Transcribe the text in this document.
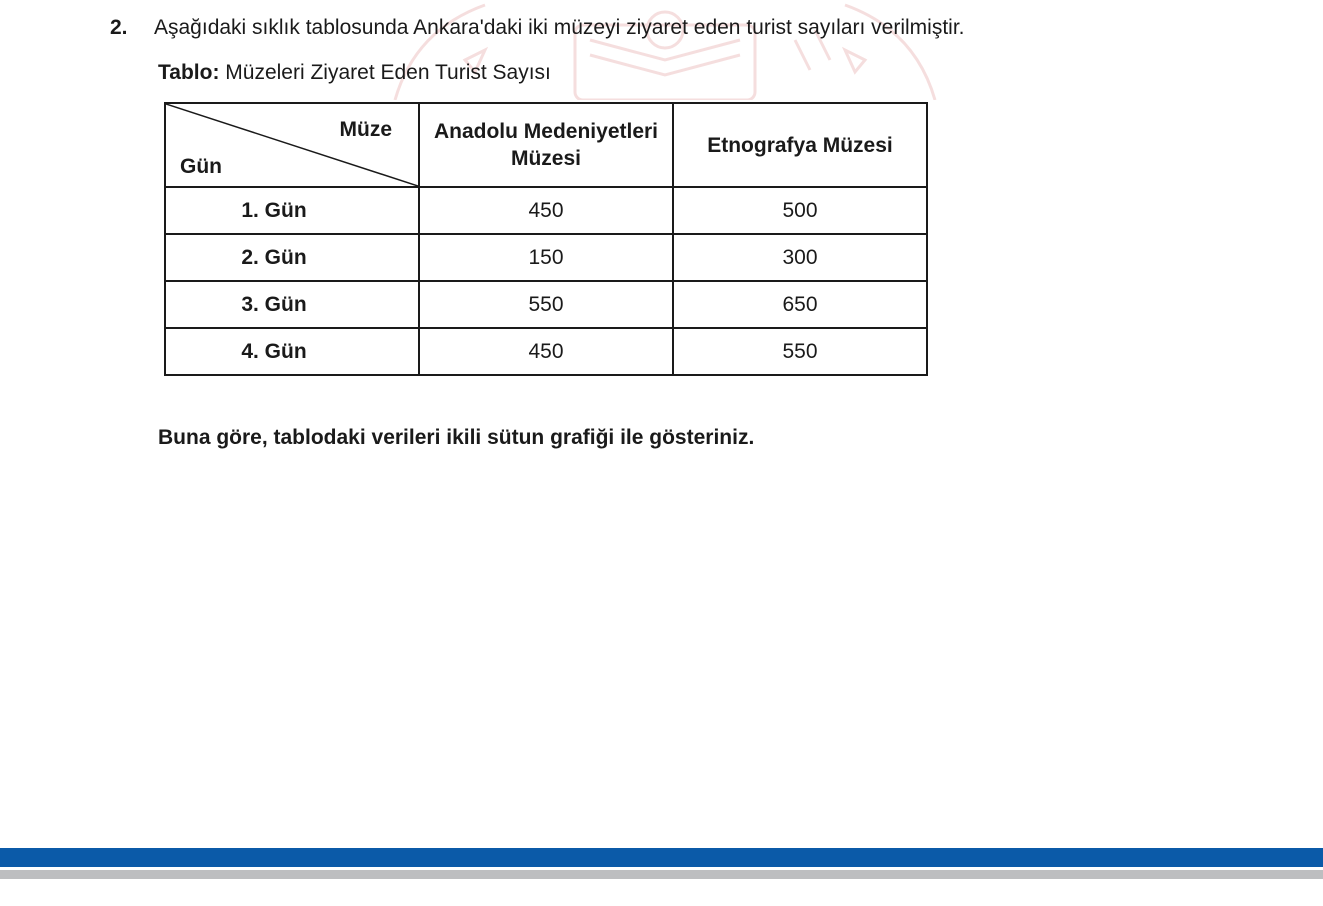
2. Aşağıdaki sıklık tablosunda Ankara'daki iki müzeyi ziyaret eden turist sayıları verilmiştir.
Tablo: Müzeleri Ziyaret Eden Turist Sayısı
Müze
Gün	Anadolu Medeniyetleri Müzesi	Etnografya Müzesi
1. Gün	450	500
2. Gün	150	300
3. Gün	550	650
4. Gün	450	550
Buna göre, tablodaki verileri ikili sütun grafiği ile gösteriniz.
